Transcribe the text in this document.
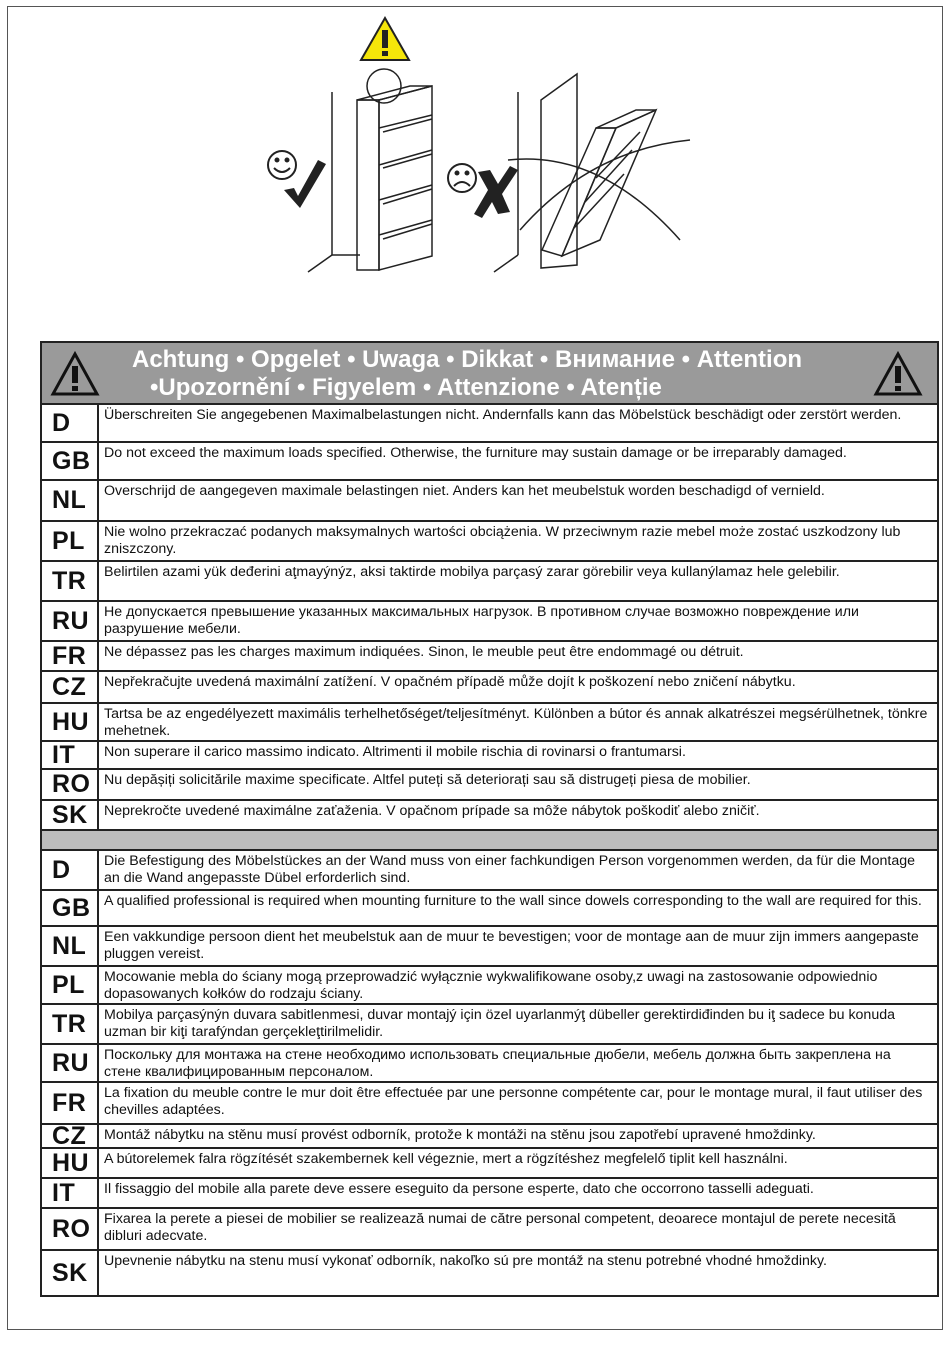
Achtung • Opgelet • Uwaga • Dikkat • Внимание • Attention
•Upozornění • Figyelem • Attenzione • Atenție
D	Überschreiten Sie angegebenen Maximalbelastungen nicht. Andernfalls kann das Möbelstück beschädigt oder zerstört werden.
GB Do not exceed the maximum loads specified. Otherwise, the furniture may sustain damage or be irreparably damaged.
NL	Overschrijd de aangegeven maximale belastingen niet. Anders kan het meubelstuk worden beschadigd of vernield.
PL	Nie wolno przekraczać podanych maksymalnych wartości obciążenia. W przeciwnym razie mebel może zostać uszkodzony lub zniszczony.
TR	Belirtilen azami yük deđerini aţmayýnýz, aksi taktirde mobilya parçasý zarar görebilir veya kullanýlamaz hele gelebilir.
RU	Не допускается превышение указанных максимальных нагрузок. В противном случае возможно повреждение или разрушение мебели.
FR	Ne dépassez pas les charges maximum indiquées. Sinon, le meuble peut être endommagé ou détruit.
CZ	Nepřekračujte uvedená maximální zatížení. V opačném případě může dojít k poškození nebo zničení nábytku.
HU	Tartsa be az engedélyezett maximális terhelhetőséget/teljesítményt. Különben a bútor és annak alkatrészei megsérülhetnek, tönkre mehetnek.
IT	Non superare il carico massimo indicato. Altrimenti il mobile rischia di rovinarsi o frantumarsi.
RO Nu depășiți solicitările maxime specificate. Altfel puteți să deteriorați sau să distrugeți piesa de mobilier.
SK	Neprekročte uvedené maximálne zaťaženia. V opačnom prípade sa môže nábytok poškodiť alebo zničiť.
D	Die Befestigung des Möbelstückes an der Wand muss von einer fachkundigen Person vorgenommen werden, da für die Montage an die Wand angepasste Dübel erforderlich sind.
GB A qualified professional is required when mounting furniture to the wall since dowels corresponding to the wall are required for this.
NL	Een vakkundige persoon dient het meubelstuk aan de muur te bevestigen; voor de montage aan de muur zijn immers aangepaste pluggen vereist.
PL	Mocowanie mebla do ściany mogą przeprowadzić wyłącznie wykwalifikowane osoby,z uwagi na zastosowanie odpowiednio dopasowanych kołków do rodzaju ściany.
TR	Mobilya parçasýnýn duvara sabitlenmesi, duvar montajý için özel uyarlanmýţ dübeller gerektirdiđinden bu iţ sadece bu konuda uzman bir kiţi tarafýndan gerçekleţtirilmelidir.
RU	Поскольку для монтажа на стене необходимо использовать специальные дюбели, мебель должна быть закреплена на стене квалифицированным персоналом.
FR	La fixation du meuble contre le mur doit être effectuée par une personne compétente car, pour le montage mural, il faut utiliser des chevilles adaptées.
CZ	Montáž nábytku na stěnu musí provést odborník, protože k montáži na stěnu jsou zapotřebí upravené hmoždinky.
HU	A bútorelemek falra rögzítését szakembernek kell végeznie, mert a rögzítéshez megfelelő tiplit kell használni.
IT	Il fissaggio del mobile alla parete deve essere eseguito da persone esperte, dato che occorrono tasselli adeguati.
RO Fixarea la perete a piesei de mobilier se realizează numai de către personal competent, deoarece montajul de perete necesită dibluri adecvate.
SK	Upevnenie nábytku na stenu musí vykonať odborník, nakoľko sú pre montáž na stenu potrebné vhodné hmoždinky.
